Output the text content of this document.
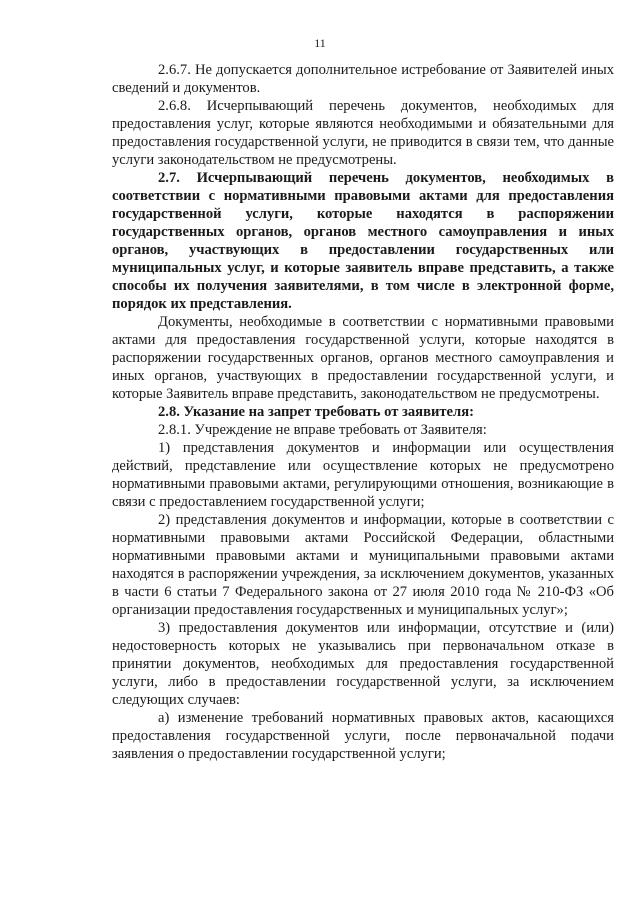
11

2.6.7. Не допускается дополнительное истребование от Заявителей иных сведений и документов.

2.6.8. Исчерпывающий перечень документов, необходимых для предоставления услуг, которые являются необходимыми и обязательными для предоставления государственной услуги, не приводится в связи тем, что данные услуги законодательством не предусмотрены.

2.7. Исчерпывающий перечень документов, необходимых в соответствии с нормативными правовыми актами для предоставления государственной услуги, которые находятся в распоряжении государственных органов, органов местного самоуправления и иных органов, участвующих в предоставлении государственных или муниципальных услуг, и которые заявитель вправе представить, а также способы их получения заявителями, в том числе в электронной форме, порядок их представления.

Документы, необходимые в соответствии с нормативными правовыми актами для предоставления государственной услуги, которые находятся в распоряжении государственных органов, органов местного самоуправления и иных органов, участвующих в предоставлении государственной услуги, и которые Заявитель вправе представить, законодательством не предусмотрены.

2.8. Указание на запрет требовать от заявителя:

2.8.1. Учреждение не вправе требовать от Заявителя:

1) представления документов и информации или осуществления действий, представление или осуществление которых не предусмотрено нормативными правовыми актами, регулирующими отношения, возникающие в связи с предоставлением государственной услуги;

2) представления документов и информации, которые в соответствии с нормативными правовыми актами Российской Федерации, областными нормативными правовыми актами и муниципальными правовыми актами находятся в распоряжении учреждения, за исключением документов, указанных в части 6 статьи 7 Федерального закона от 27 июля 2010 года № 210-ФЗ «Об организации предоставления государственных и муниципальных услуг»;

3) предоставления документов или информации, отсутствие и (или) недостоверность которых не указывались при первоначальном отказе в принятии документов, необходимых для предоставления государственной услуги, либо в предоставлении государственной услуги, за исключением следующих случаев:

а) изменение требований нормативных правовых актов, касающихся предоставления государственной услуги, после первоначальной подачи заявления о предоставлении государственной услуги;
